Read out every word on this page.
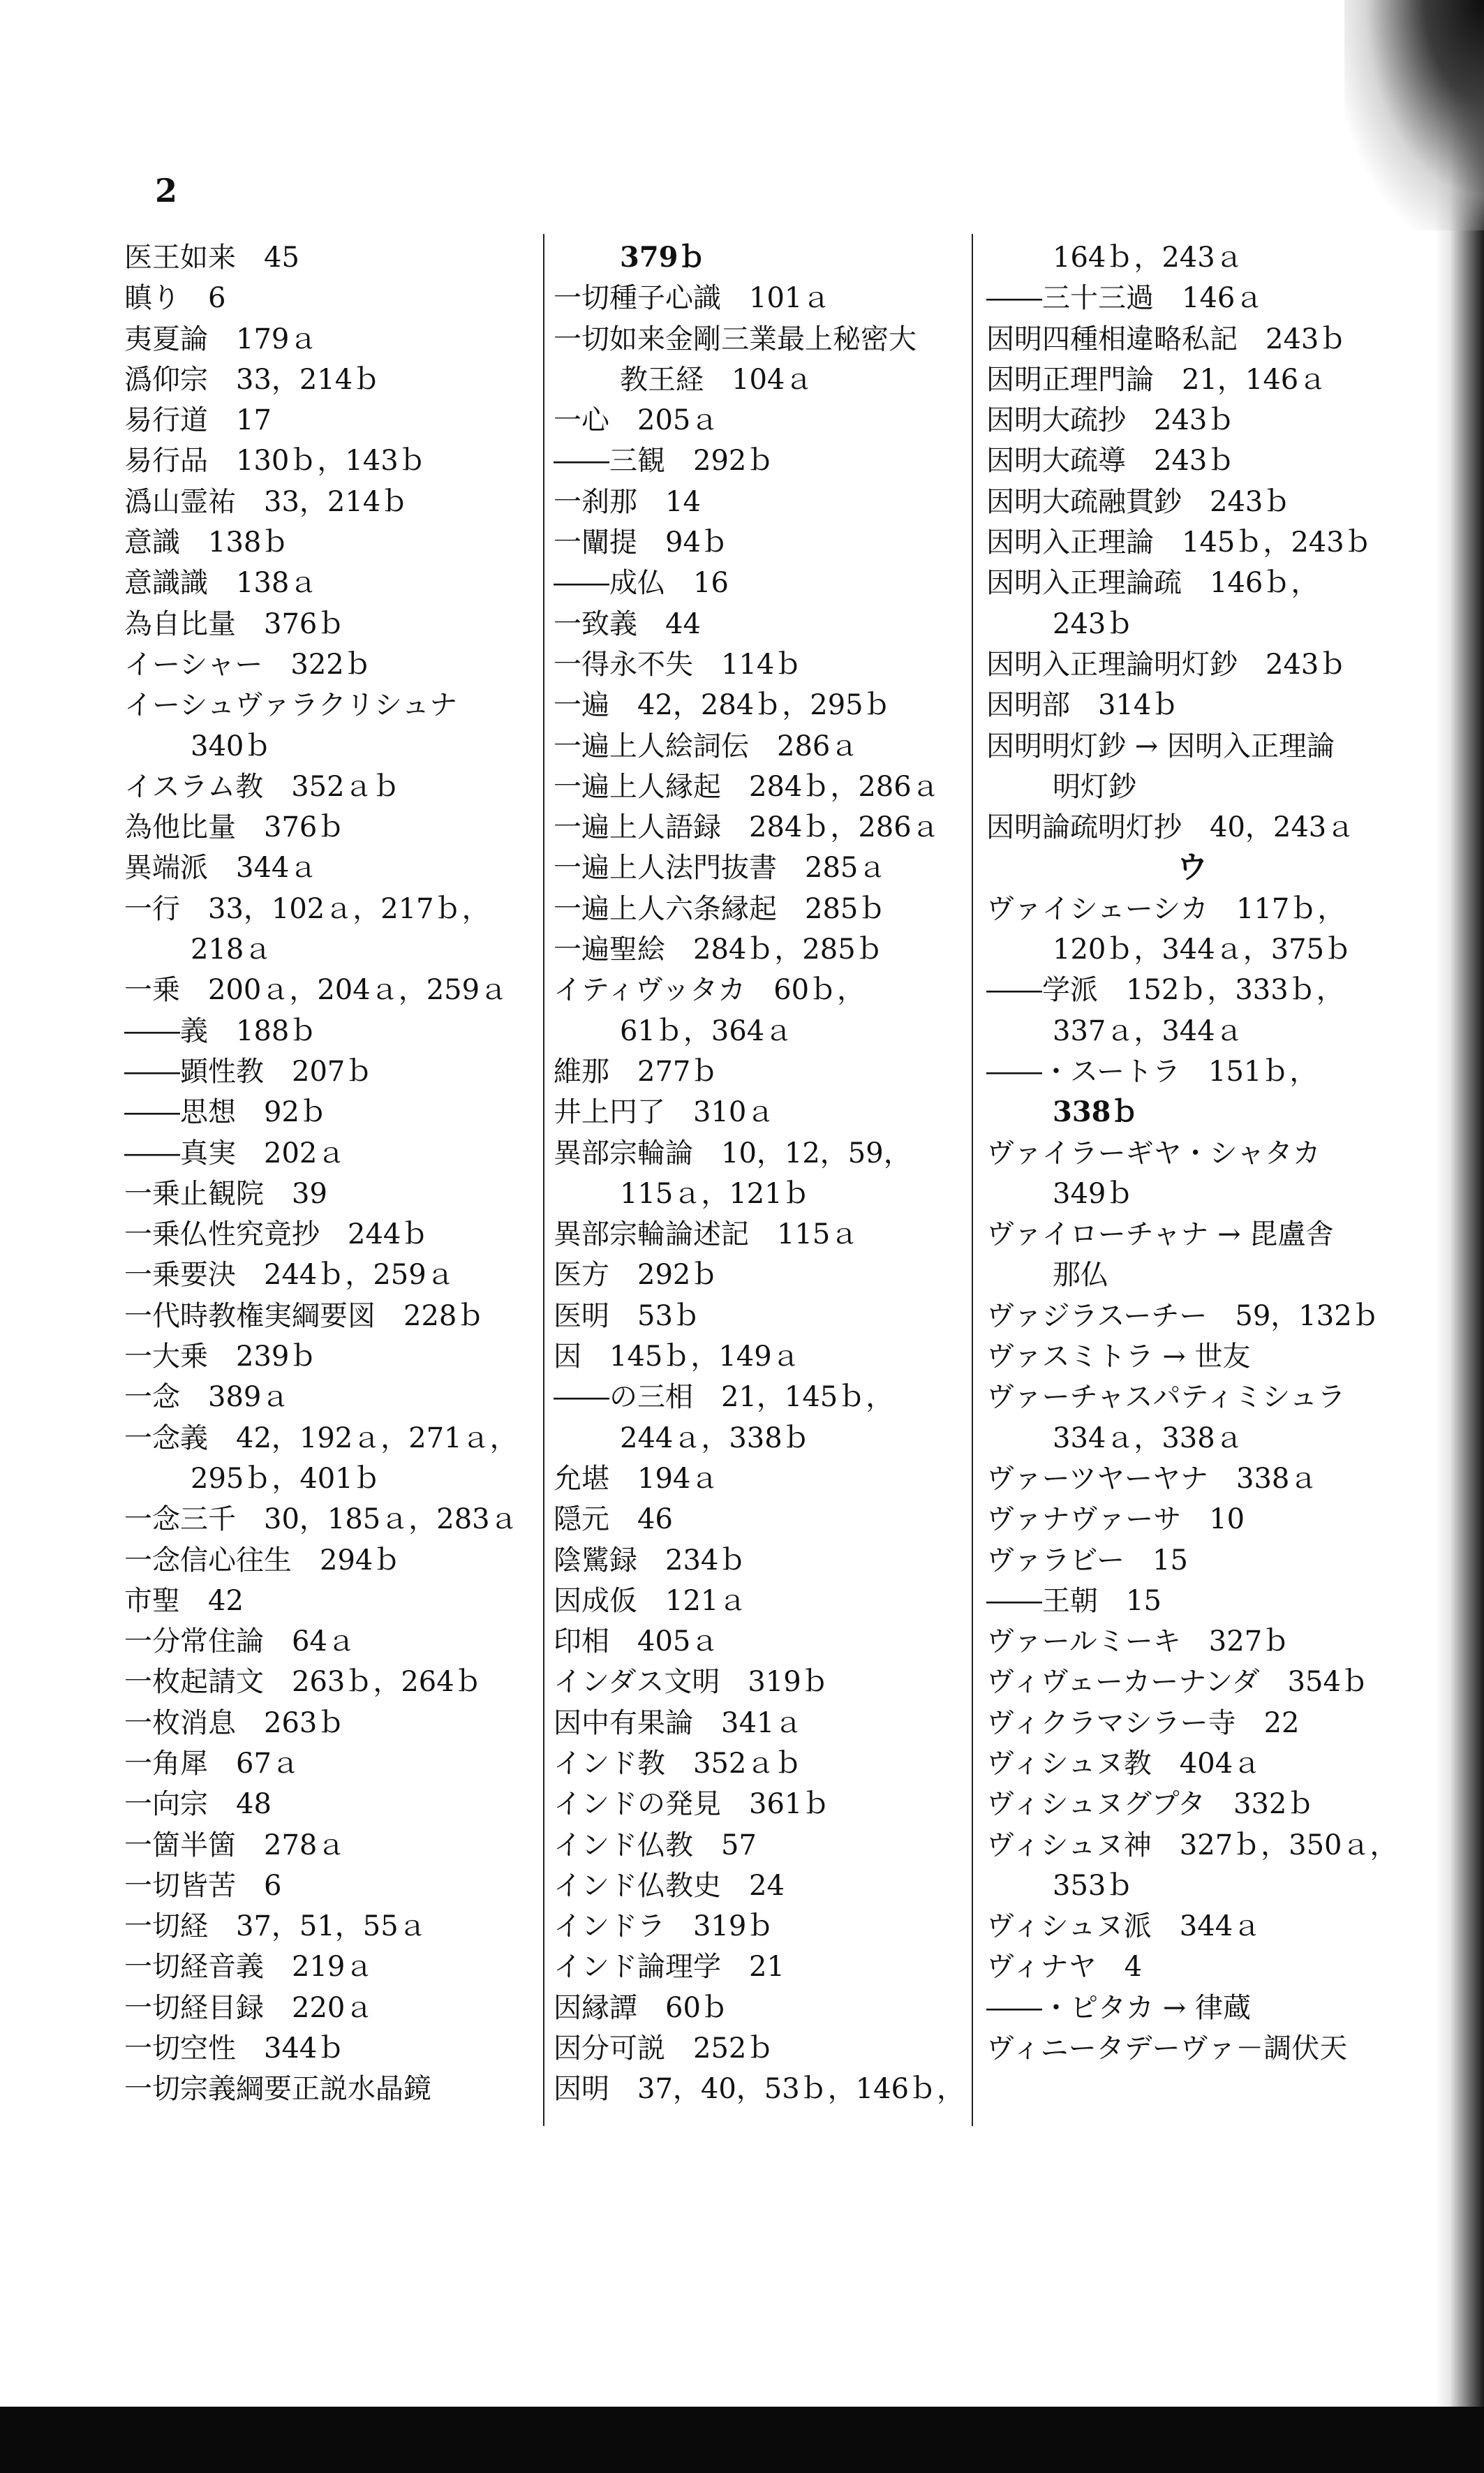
2
医王如来　45
瞋り　6
夷夏論　179ａ
潙仰宗　33，214ｂ
易行道　17
易行品　130ｂ，143ｂ
潙山霊祐　33，214ｂ
意識　138ｂ
意識識　138ａ
為自比量　376ｂ
イーシャー　322ｂ
イーシュヴァラクリシュナ
340ｂ
イスラム教　352ａｂ
為他比量　376ｂ
異端派　344ａ
一行　33，102ａ，217ｂ，
218ａ
一乗　200ａ，204ａ，259ａ
――義　188ｂ
――顕性教　207ｂ
――思想　92ｂ
――真実　202ａ
一乗止観院　39
一乗仏性究竟抄　244ｂ
一乗要決　244ｂ，259ａ
一代時教権実綱要図　228ｂ
一大乗　239ｂ
一念　389ａ
一念義　42，192ａ，271ａ，
295ｂ，401ｂ
一念三千　30，185ａ，283ａ
一念信心往生　294ｂ
市聖　42
一分常住論　64ａ
一枚起請文　263ｂ，264ｂ
一枚消息　263ｂ
一角犀　67ａ
一向宗　48
一箇半箇　278ａ
一切皆苦　6
一切経　37，51，55ａ
一切経音義　219ａ
一切経目録　220ａ
一切空性　344ｂ
一切宗義綱要正説水晶鏡
379ｂ
一切種子心識　101ａ
一切如来金剛三業最上秘密大
教王経　104ａ
一心　205ａ
――三観　292ｂ
一刹那　14
一闡提　94ｂ
――成仏　16
一致義　44
一得永不失　114ｂ
一遍　42，284ｂ，295ｂ
一遍上人絵詞伝　286ａ
一遍上人縁起　284ｂ，286ａ
一遍上人語録　284ｂ，286ａ
一遍上人法門抜書　285ａ
一遍上人六条縁起　285ｂ
一遍聖絵　284ｂ，285ｂ
イティヴッタカ　60ｂ，
61ｂ，364ａ
維那　277ｂ
井上円了　310ａ
異部宗輪論　10，12，59，
115ａ，121ｂ
異部宗輪論述記　115ａ
医方　292ｂ
医明　53ｂ
因　145ｂ，149ａ
――の三相　21，145ｂ，
244ａ，338ｂ
允堪　194ａ
隠元　46
陰騭録　234ｂ
因成仮　121ａ
印相　405ａ
インダス文明　319ｂ
因中有果論　341ａ
インド教　352ａｂ
インドの発見　361ｂ
インド仏教　57
インド仏教史　24
インドラ　319ｂ
インド論理学　21
因縁譚　60ｂ
因分可説　252ｂ
因明　37，40，53ｂ，146ｂ，
164ｂ，243ａ
――三十三過　146ａ
因明四種相違略私記　243ｂ
因明正理門論　21，146ａ
因明大疏抄　243ｂ
因明大疏導　243ｂ
因明大疏融貫鈔　243ｂ
因明入正理論　145ｂ，243ｂ
因明入正理論疏　146ｂ，
243ｂ
因明入正理論明灯鈔　243ｂ
因明部　314ｂ
因明明灯鈔 → 因明入正理論
明灯鈔
因明論疏明灯抄　40，243ａ
ウ
ヴァイシェーシカ　117ｂ，
120ｂ，344ａ，375ｂ
――学派　152ｂ，333ｂ，
337ａ，344ａ
――・スートラ　151ｂ，
338ｂ
ヴァイラーギヤ・シャタカ
349ｂ
ヴァイローチャナ → 毘盧舎
那仏
ヴァジラスーチー　59，132ｂ
ヴァスミトラ → 世友
ヴァーチャスパティミシュラ
334ａ，338ａ
ヴァーツヤーヤナ　338ａ
ヴァナヴァーサ　10
ヴァラビー　15
――王朝　15
ヴァールミーキ　327ｂ
ヴィヴェーカーナンダ　354ｂ
ヴィクラマシラー寺　22
ヴィシュヌ教　404ａ
ヴィシュヌグプタ　332ｂ
ヴィシュヌ神　327ｂ，350ａ，
353ｂ
ヴィシュヌ派　344ａ
ヴィナヤ　4
――・ピタカ → 律蔵
ヴィニータデーヴァ－調伏天
